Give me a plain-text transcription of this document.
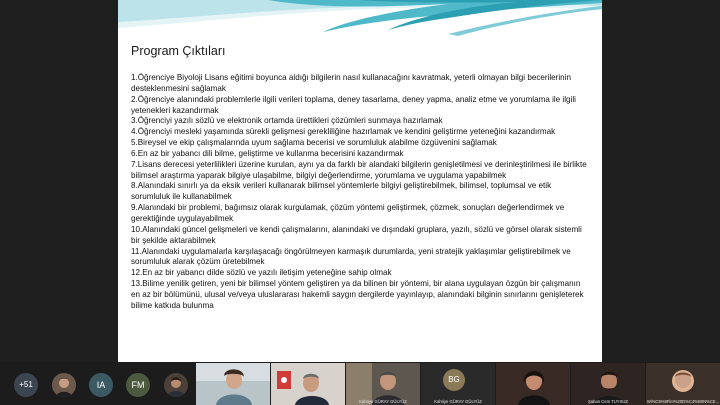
Program Çıktıları

1.Öğrenciye Biyoloji Lisans eğitimi boyunca aldığı bilgilerin nasıl kullanacağını kavratmak, yeterli olmayan bilgi becerilerinin desteklenmesini sağlamak

2.Öğrenciye alanındaki problemlerle ilgili verileri toplama, deney tasarlama, deney yapma, analiz etme ve yorumlama ile ilgili yetenekleri kazandırmak

3.Öğrenciyi yazılı sözlü ve elektronik ortamda ürettikleri çözümleri sunmaya hazırlamak

4.Öğrenciyi mesleki yaşamında sürekli gelişmesi gerekliliğine hazırlamak ve kendini geliştirme yeteneğini kazandırmak

5.Bireysel ve ekip çalışmalarında uyum sağlama becerisi ve sorumluluk alabilme özgüvenini sağlamak

6.En az bir yabancı dili bilme, geliştirme ve kullanma becerisini kazandırmak

7.Lisans derecesi yeterlilikleri üzerine kurulan, aynı ya da farklı bir alandaki bilgilerin genişletilmesi ve derinleştirilmesi ile birlikte bilimsel araştırma yaparak bilgiye ulaşabilme, bilgiyi değerlendirme, yorumlama ve uygulama yapabilmek

8.Alanındaki sınırlı ya da eksik verileri kullanarak bilimsel yöntemlerle bilgiyi geliştirebilmek, bilimsel, toplumsal ve etik sorumluluk ile kullanabilmek

9.Alanındaki bir problemi, bağımsız olarak kurgulamak, çözüm yöntemi geliştirmek, çözmek, sonuçları değerlendirmek ve gerektiğinde uygulayabilmek

10.Alanındaki güncel gelişmeleri ve kendi çalışmalarını, alanındaki ve dışındaki gruplara, yazılı, sözlü ve görsel olarak sistemli bir şekilde aktarabilmek

11.Alanındaki uygulamalarla karşılaşacağı öngörülmeyen karmaşık durumlarda, yeni stratejik yaklaşımlar geliştirebilmek ve sorumluluk alarak çözüm üretebilmek

12.En az bir yabancı dilde sözlü ve yazılı iletişim yeteneğine sahip olmak

13.Bilime yenilik getiren, yeni bir bilimsel yöntem geliştiren ya da bilinen bir yöntemi, bir alana uygulayan özgün bir çalışmanın en az bir bölümünü, ulusal ve/veya uluslararası hakemli saygın dergilerde yayınlayıp, alanındaki bilginin sınırlarını genişleterek bilime katkıda bulunma

+51	IA	FM
Kahriye GÜRAY GÜLYÜZ
BG
Kahriye GÜRAY GÜLYÜZ	Şaban Cem TUYSUZ	Wi%C5%9Fim%20D%C4%B0N%CE...
